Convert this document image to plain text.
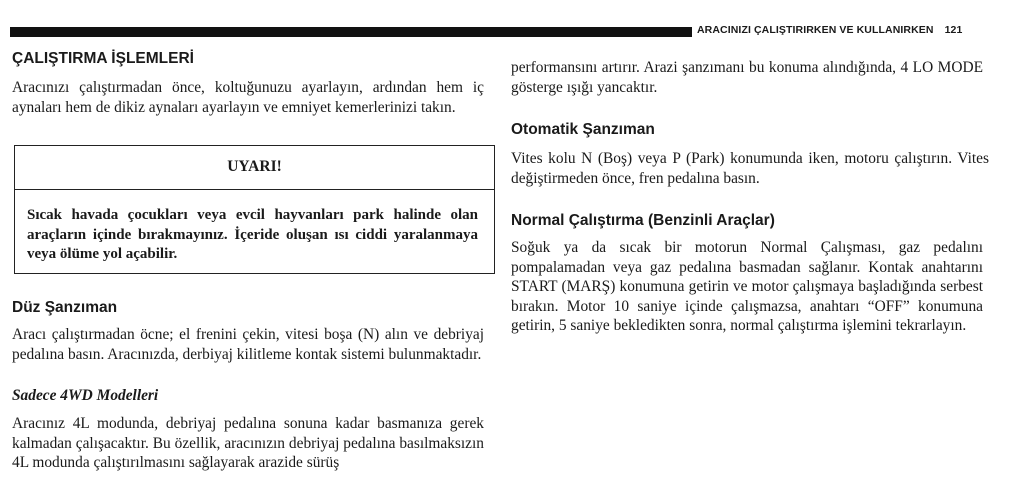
ARACINIZI ÇALIŞTIRIRKEN VE KULLANIRKEN 121
ÇALIŞTIRMA İŞLEMLERİ

Aracınızı çalıştırmadan önce, koltuğunuzu ayarlayın, ardından hem iç aynaları hem de dikiz aynaları ayarlayın ve emniyet kemerlerinizi takın.

UYARI!
Sıcak havada çocukları veya evcil hayvanları park halinde olan araçların içinde bırakmayınız. İçeride oluşan ısı ciddi yaralanmaya veya ölüme yol açabilir.
Düz Şanzıman

Aracı çalıştırmadan öcne; el frenini çekin, vitesi boşa (N) alın ve debriyaj pedalına basın. Aracınızda, derbiyaj kilitleme kontak sistemi bulunmaktadır.

Sadece 4WD Modelleri

Aracınız 4L modunda, debriyaj pedalına sonuna kadar basmanıza gerek kalmadan çalışacaktır. Bu özellik, aracınızın debriyaj pedalına basılmaksızın 4L modunda çalıştırılmasını sağlayarak arazide sürüş

performansını artırır. Arazi şanzımanı bu konuma alındığında, 4 LO MODE gösterge ışığı yancaktır.

Otomatik Şanzıman

Vites kolu N (Boş) veya P (Park) konumunda iken, motoru çalıştırın. Vites değiştirmeden önce, fren pedalına basın.

Normal Çalıştırma (Benzinli Araçlar)

Soğuk ya da sıcak bir motorun Normal Çalışması, gaz pedalını pompalamadan veya gaz pedalına basmadan sağlanır. Kontak anahtarını START (MARŞ) konumuna getirin ve motor çalışmaya başladığında serbest bırakın. Motor 10 saniye içinde çalışmazsa, anahtarı “OFF” konumuna getirin, 5 saniye bekledikten sonra, normal çalıştırma işlemini tekrarlayın.
